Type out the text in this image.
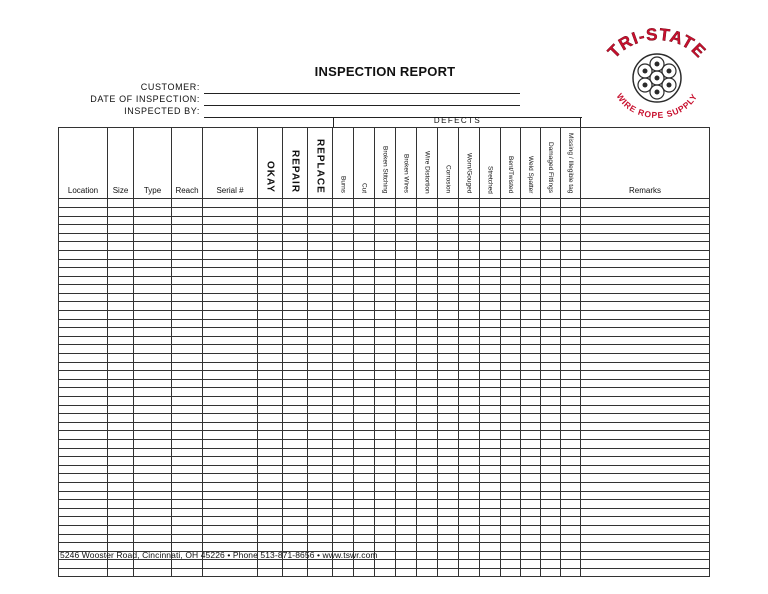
INSPECTION REPORT
CUSTOMER:
DATE OF INSPECTION:
INSPECTED BY:
TRI-STATE
WIRE ROPE SUPPLY
DEFECTS
Location	Size	Type	Reach	Serial #	OKAY	REPAIR	REPLACE	Burns	Cut	Broken Stitching	Broken Wires	Wire Distortion	Corrosion	Worn/Gouged	Stretched	Bent/Twisted	Weld Spatter	Damaged Fittings	Missing / Illegible tag	Remarks

5246 Wooster Road, Cincinnati, OH 45226 • Phone 513-871-8656 • www.tswr.com
